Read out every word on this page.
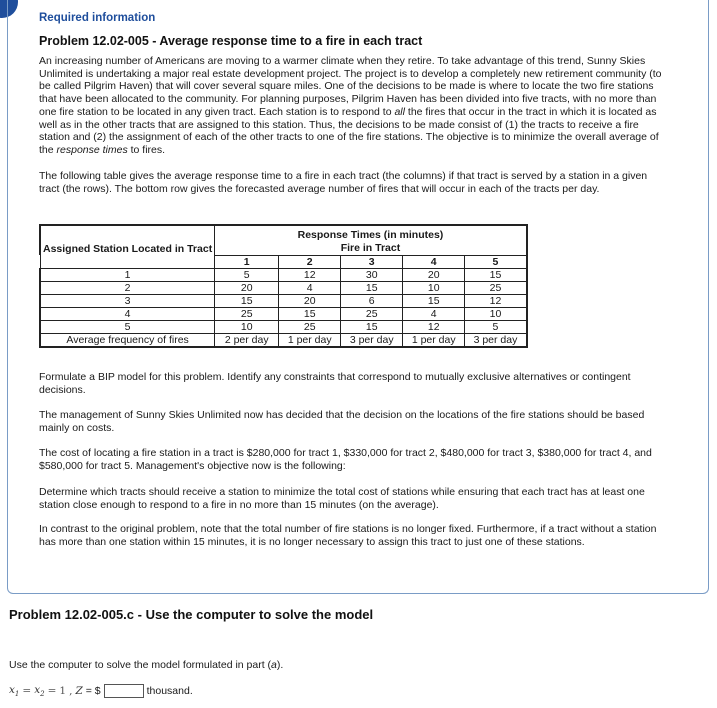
Required information
Problem 12.02-005 - Average response time to a fire in each tract
An increasing number of Americans are moving to a warmer climate when they retire. To take advantage of this trend, Sunny Skies Unlimited is undertaking a major real estate development project. The project is to develop a completely new retirement community (to be called Pilgrim Haven) that will cover several square miles. One of the decisions to be made is where to locate the two fire stations that have been allocated to the community. For planning purposes, Pilgrim Haven has been divided into five tracts, with no more than one fire station to be located in any given tract. Each station is to respond to all the fires that occur in the tract in which it is located as well as in the other tracts that are assigned to this station. Thus, the decisions to be made consist of (1) the tracts to receive a fire station and (2) the assignment of each of the other tracts to one of the fire stations. The objective is to minimize the overall average of the response times to fires.
The following table gives the average response time to a fire in each tract (the columns) if that tract is served by a station in a given tract (the rows). The bottom row gives the forecasted average number of fires that will occur in each of the tracts per day.
Assigned Station Located in Tract	Response Times (in minutes)
Fire in Tract				

	1	2	3	4	5
1	5	12	30	20	15
2	20	4	15	10	25
3	15	20	6	15	12
4	25	15	25	4	10
5	10	25	15	12	5
Average frequency of fires	2 per day	1 per day	3 per day	1 per day	3 per day
Formulate a BIP model for this problem. Identify any constraints that correspond to mutually exclusive alternatives or contingent decisions.
The management of Sunny Skies Unlimited now has decided that the decision on the locations of the fire stations should be based mainly on costs.
The cost of locating a fire station in a tract is $280,000 for tract 1, $330,000 for tract 2, $480,000 for tract 3, $380,000 for tract 4, and $580,000 for tract 5. Management's objective now is the following:
Determine which tracts should receive a station to minimize the total cost of stations while ensuring that each tract has at least one station close enough to respond to a fire in no more than 15 minutes (on the average).
In contrast to the original problem, note that the total number of fire stations is no longer fixed. Furthermore, if a tract without a station has more than one station within 15 minutes, it is no longer necessary to assign this tract to just one of these stations.
Problem 12.02-005.c - Use the computer to solve the model
Use the computer to solve the model formulated in part (a).
$x_1 = x_2 = 1$ , Z = $	thousand.
